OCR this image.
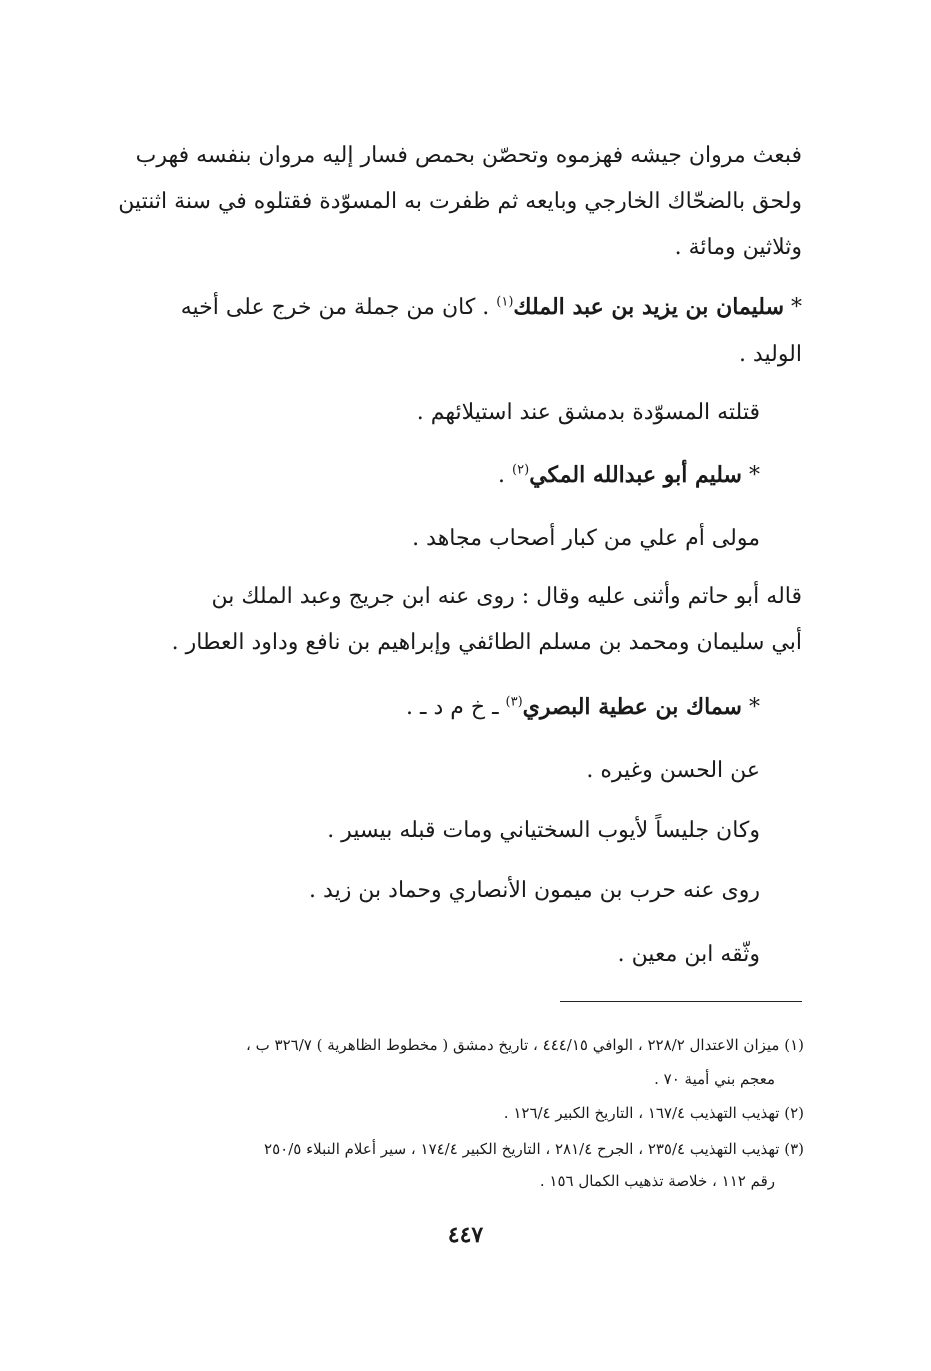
فبعث مروان جيشه فهزموه وتحصّن بحمص فسار إليه مروان بنفسه فهرب
ولحق بالضحّاك الخارجي وبايعه ثم ظفرت به المسوّدة فقتلوه في سنة اثنتين
وثلاثين ومائة .
* سليمان بن يزيد بن عبد الملك$^{(١)}$ . كان من جملة من خرج على أخيه
الوليد .
قتلته المسوّدة بدمشق عند استيلائهم .
* سليم أبو عبدالله المكي$^{(٢)}$ .
مولى أم علي من كبار أصحاب مجاهد .
قاله أبو حاتم وأثنى عليه وقال : روى عنه ابن جريج وعبد الملك بن
أبي سليمان ومحمد بن مسلم الطائفي وإبراهيم بن نافع وداود العطار .
* سماك بن عطية البصري$^{(٣)}$ ـ خ م د ـ .
عن الحسن وغيره .
وكان جليساً لأيوب السختياني ومات قبله بيسير .
روى عنه حرب بن ميمون الأنصاري وحماد بن زيد .
وثّقه ابن معين .
(١) ميزان الاعتدال ٢٢٨/٢ ، الوافي ٤٤٤/١٥ ، تاريخ دمشق ( مخطوط الظاهرية ) ٣٢٦/٧ ب ،
معجم بني أمية ٧٠ .
(٢) تهذيب التهذيب ١٦٧/٤ ، التاريخ الكبير ١٢٦/٤ .
(٣) تهذيب التهذيب ٢٣٥/٤ ، الجرح ٢٨١/٤ ، التاريخ الكبير ١٧٤/٤ ، سير أعلام النبلاء ٢٥٠/٥
رقم ١١٢ ، خلاصة تذهيب الكمال ١٥٦ .
٤٤٧
